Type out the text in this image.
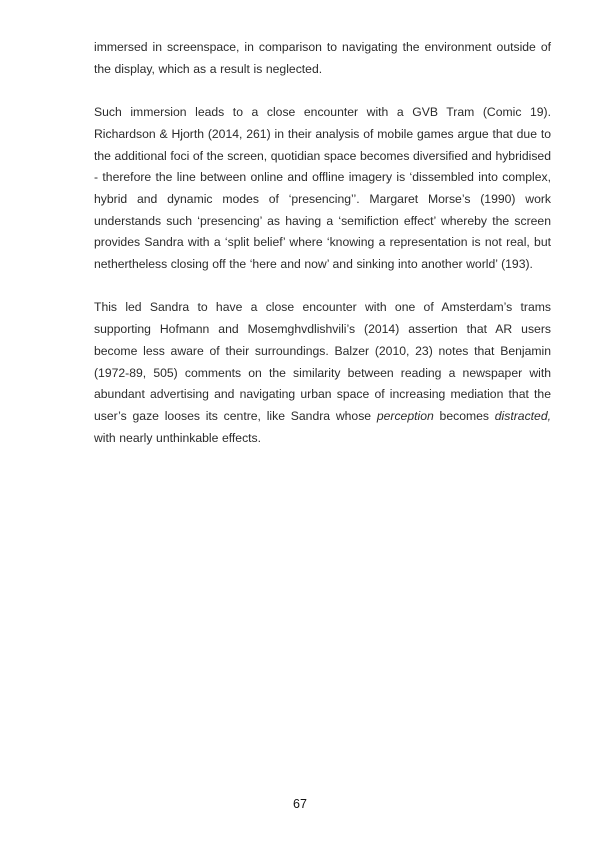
immersed in screenspace, in comparison to navigating the environment outside of the display, which as a result is neglected.

Such immersion leads to a close encounter with a GVB Tram (Comic 19). Richardson & Hjorth (2014, 261) in their analysis of mobile games argue that due to the additional foci of the screen, quotidian space becomes diversified and hybridised - therefore the line between online and offline imagery is ‘dissembled into complex, hybrid and dynamic modes of ‘presencing’’. Margaret Morse’s (1990) work understands such ‘presencing’ as having a ‘semifiction effect’ whereby the screen provides Sandra with a ‘split belief’ where ‘knowing a representation is not real, but nethertheless closing off the ‘here and now’ and sinking into another world’ (193).

This led Sandra to have a close encounter with one of Amsterdam’s trams supporting Hofmann and Mosemghvdlishvili’s (2014) assertion that AR users become less aware of their surroundings. Balzer (2010, 23) notes that Benjamin (1972-89, 505) comments on the similarity between reading a newspaper with abundant advertising and navigating urban space of increasing mediation that the user’s gaze looses its centre, like Sandra whose perception becomes distracted, with nearly unthinkable effects.

67
